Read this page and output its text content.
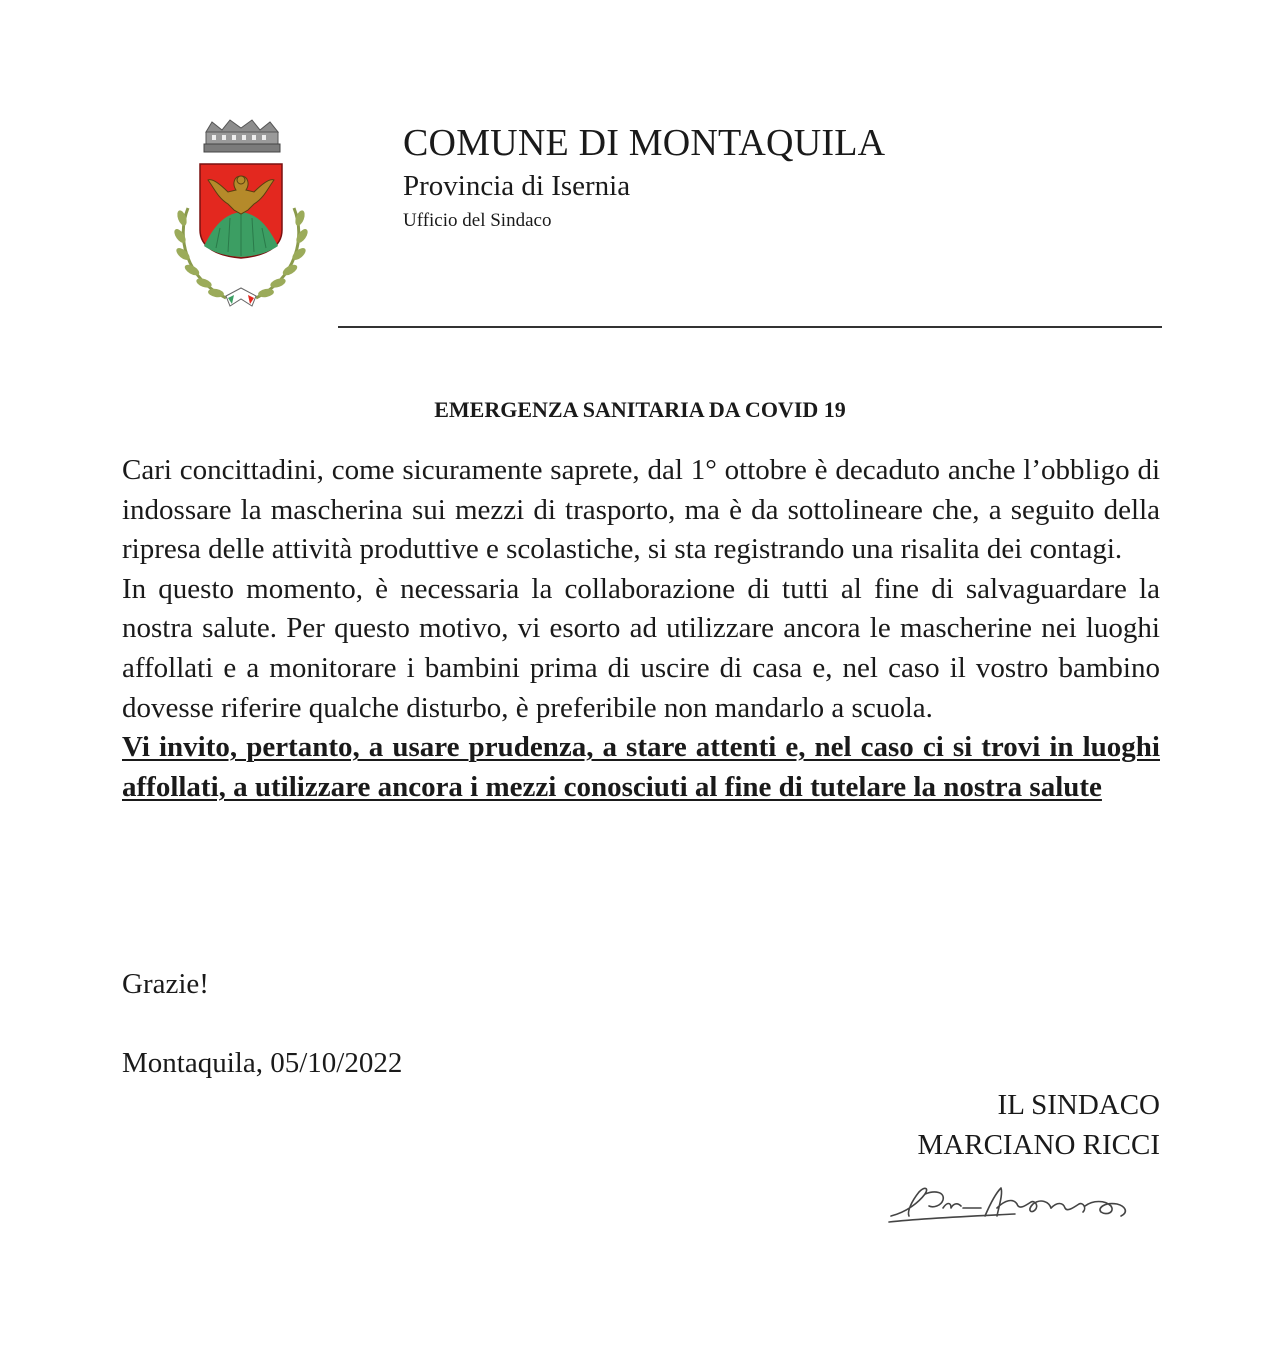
COMUNE DI MONTAQUILA
Provincia di Isernia
Ufficio del Sindaco
EMERGENZA SANITARIA DA COVID 19

Cari concittadini, come sicuramente saprete, dal 1° ottobre è decaduto anche l’obbligo di indossare la mascherina sui mezzi di trasporto, ma è da sottolineare che, a seguito della ripresa delle attività produttive e scolastiche, si sta registrando una risalita dei contagi.

In questo momento, è necessaria la collaborazione di tutti al fine di salvaguardare la nostra salute. Per questo motivo, vi esorto ad utilizzare ancora le mascherine nei luoghi affollati e a monitorare i bambini prima di uscire di casa e, nel caso il vostro bambino dovesse riferire qualche disturbo, è preferibile non mandarlo a scuola.

Vi invito, pertanto, a usare prudenza, a stare attenti e, nel caso ci si trovi in luoghi affollati, a utilizzare ancora i mezzi conosciuti al fine di tutelare la nostra salute

Grazie!
Montaquila, 05/10/2022
IL SINDACO
MARCIANO RICCI
